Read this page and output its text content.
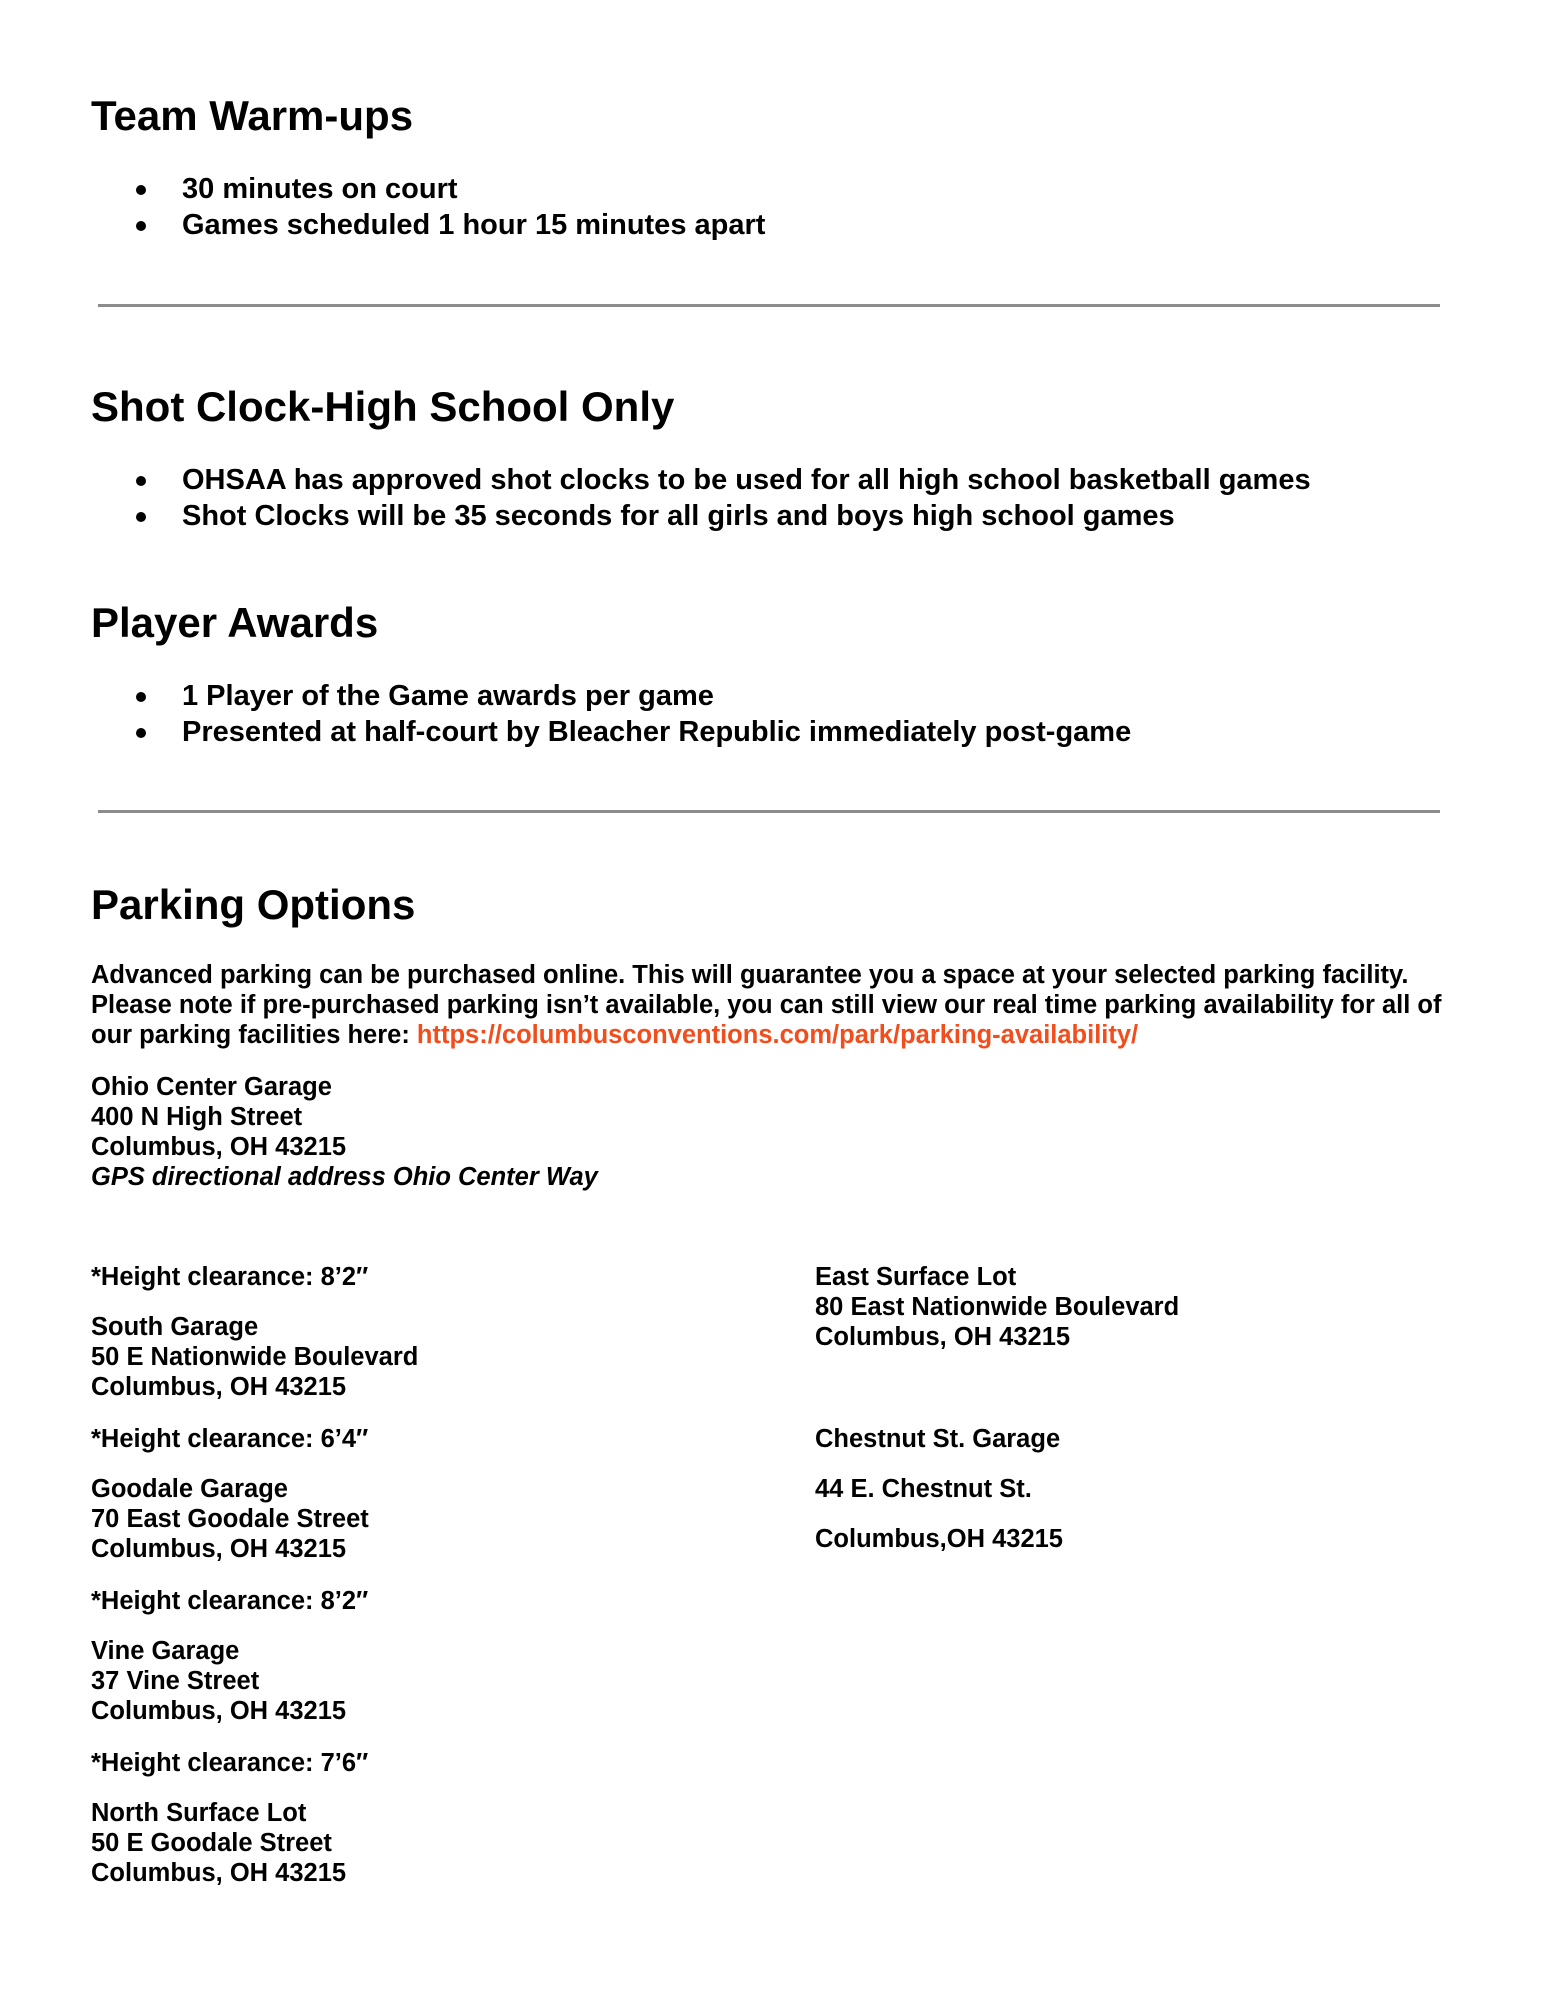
Team Warm-ups
30 minutes on court
Games scheduled 1 hour 15 minutes apart
Shot Clock-High School Only
OHSAA has approved shot clocks to be used for all high school basketball games
Shot Clocks will be 35 seconds for all girls and boys high school games
Player Awards
1 Player of the Game awards per game
Presented at half-court by Bleacher Republic immediately post-game
Parking Options
Advanced parking can be purchased online. This will guarantee you a space at your selected parking facility. Please note if pre-purchased parking isn’t available, you can still view our real time parking availability for all of our parking facilities here: https://columbusconventions.com/park/parking-availability/
Ohio Center Garage
400 N High Street
Columbus, OH 43215
GPS directional address Ohio Center Way
*Height clearance: 8’2″
South Garage
50 E Nationwide Boulevard
Columbus, OH 43215
*Height clearance: 6’4″
Goodale Garage
70 East Goodale Street
Columbus, OH 43215
*Height clearance: 8’2″
Vine Garage
37 Vine Street
Columbus, OH 43215
*Height clearance: 7’6″
North Surface Lot
50 E Goodale Street
Columbus, OH 43215
East Surface Lot
80 East Nationwide Boulevard
Columbus, OH 43215
Chestnut St. Garage
44 E. Chestnut St.
Columbus,OH 43215
